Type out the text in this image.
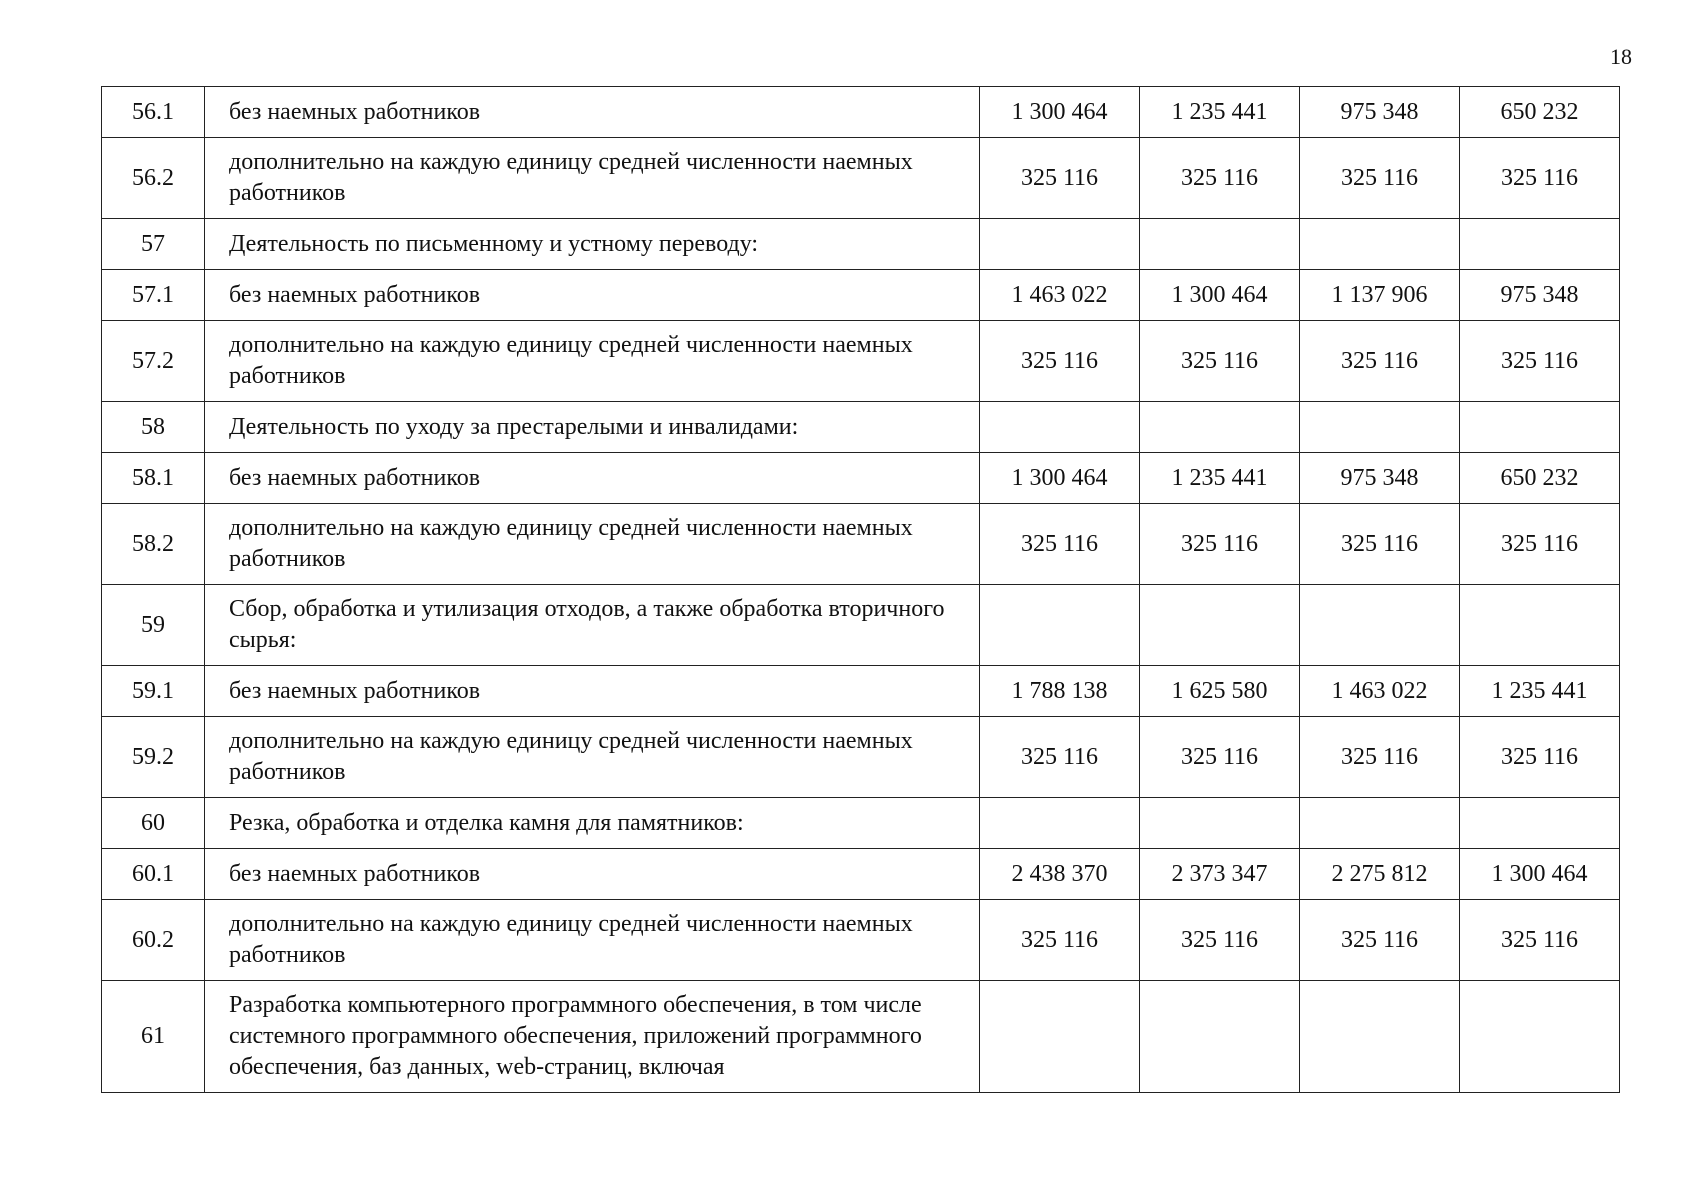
18
56.1	без наемных работников	1 300 464	1 235 441	975 348	650 232
56.2	дополнительно на каждую единицу средней численности наемных работников	325 116	325 116	325 116	325 116
57	Деятельность по письменному и устному переводу:				
57.1	без наемных работников	1 463 022	1 300 464	1 137 906	975 348
57.2	дополнительно на каждую единицу средней численности наемных работников	325 116	325 116	325 116	325 116
58	Деятельность по уходу за престарелыми и инвалидами:				
58.1	без наемных работников	1 300 464	1 235 441	975 348	650 232
58.2	дополнительно на каждую единицу средней численности наемных работников	325 116	325 116	325 116	325 116
59	Сбор, обработка и утилизация отходов, а также обработка вторичного сырья:				
59.1	без наемных работников	1 788 138	1 625 580	1 463 022	1 235 441
59.2	дополнительно на каждую единицу средней численности наемных работников	325 116	325 116	325 116	325 116
60	Резка, обработка и отделка камня для памятников:				
60.1	без наемных работников	2 438 370	2 373 347	2 275 812	1 300 464
60.2	дополнительно на каждую единицу средней численности наемных работников	325 116	325 116	325 116	325 116
61	Разработка компьютерного программного обеспечения, в том числе системного программного обеспечения, приложений программного обеспечения, баз данных, web-страниц, включая				
